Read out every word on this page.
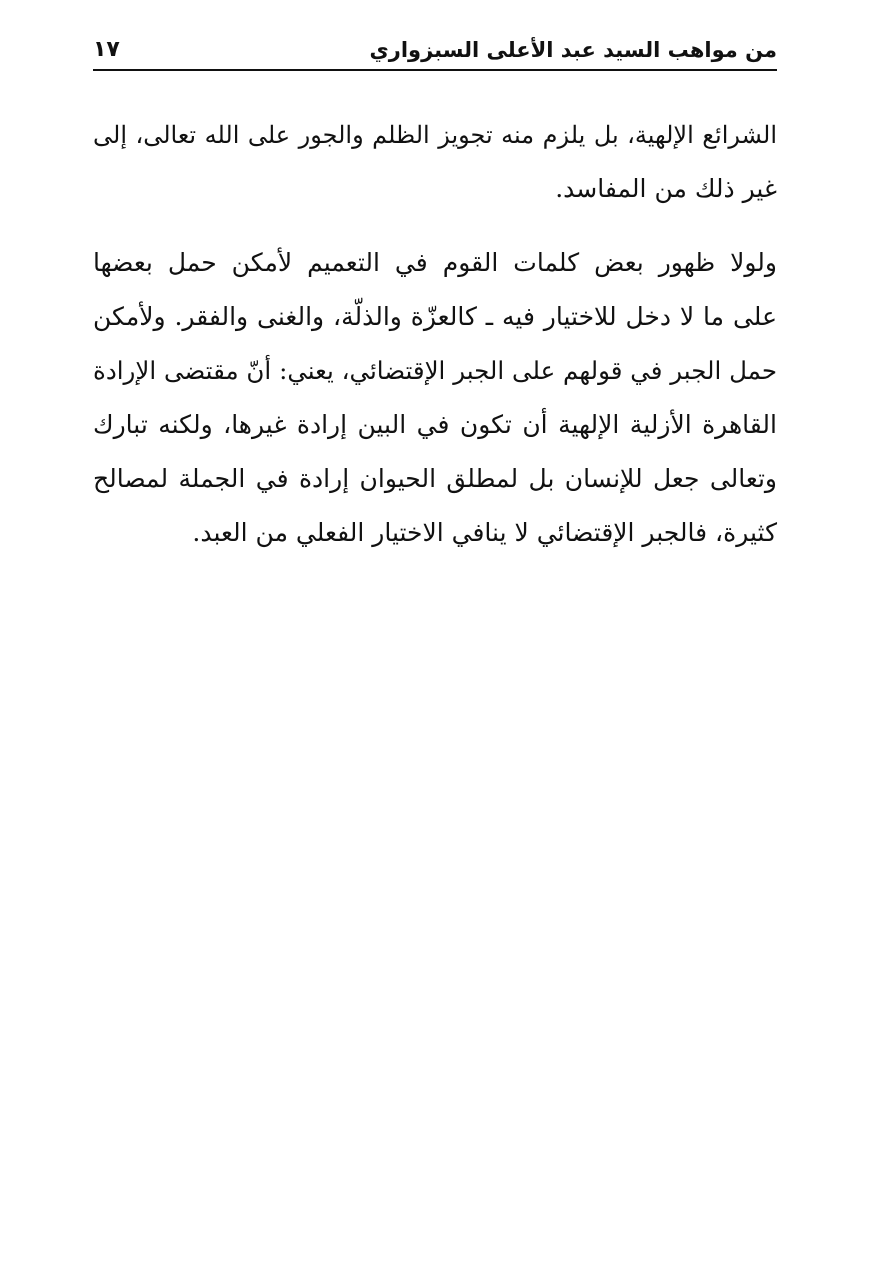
من مواهب السيد عبد الأعلى السبزواري
١٧
الشرائع الإلهية، بل يلزم منه تجويز الظلم والجور على الله تعالى، إلى
غير ذلك من المفاسد.
ولولا ظهور بعض كلمات القوم في التعميم لأمكن حمل بعضها
على ما لا دخل للاختيار فيه ـ كالعزّة والذلّة، والغنى والفقر. ولأمكن
حمل الجبر في قولهم على الجبر الإقتضائي، يعني: أنّ مقتضى الإرادة
القاهرة الأزلية الإلهية أن تكون في البين إرادة غيرها، ولكنه تبارك
وتعالى جعل للإنسان بل لمطلق الحيوان إرادة في الجملة لمصالح
كثيرة، فالجبر الإقتضائي لا ينافي الاختيار الفعلي من العبد.
